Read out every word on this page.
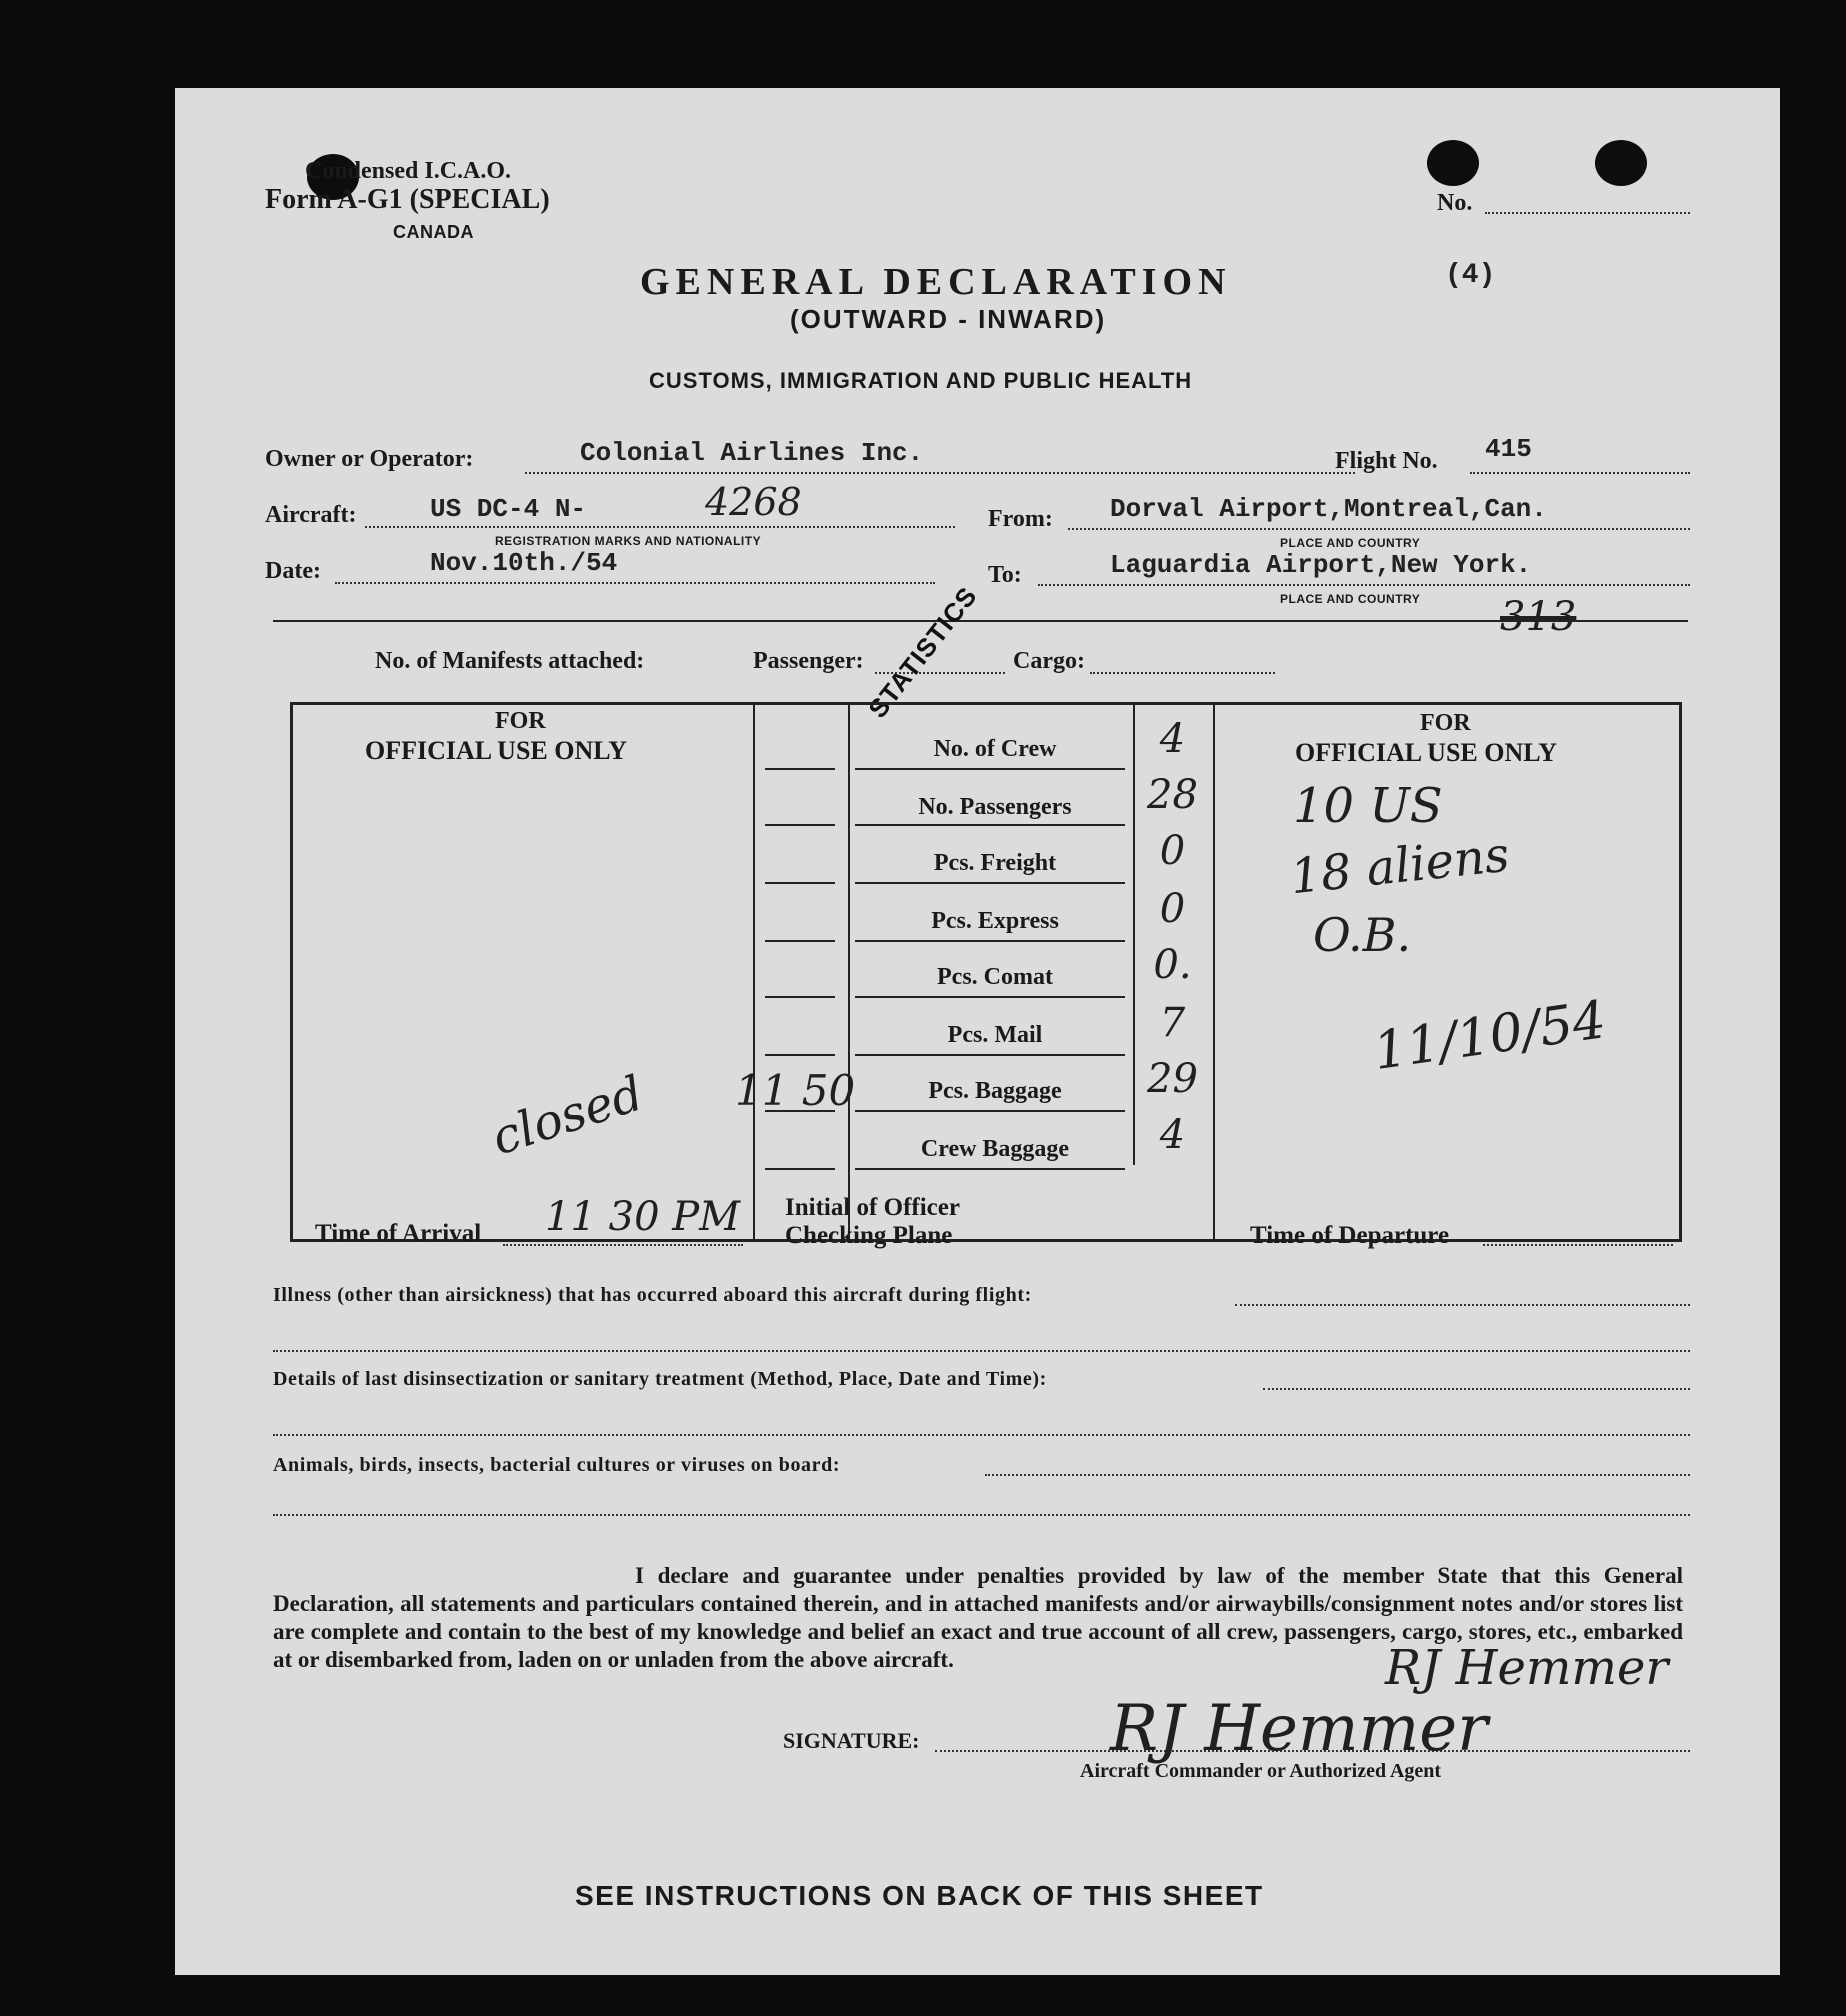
Condensed I.C.A.O.
Form A-G1 (SPECIAL)
CANADA
No.
GENERAL DECLARATION
(OUTWARD - INWARD)
(4)
CUSTOMS, IMMIGRATION AND PUBLIC HEALTH
Owner or Operator:	Colonial Airlines Inc.	Flight No. 415
Aircraft:	US DC-4 N-	4268
REGISTRATION MARKS AND NATIONALITY
From: Dorval Airport,Montreal,Can.
PLACE AND COUNTRY
Date:	Nov.10th./54	To:	Laguardia Airport,New York.
PLACE AND COUNTRY 313
No. of Manifests attached:	Passenger:	Cargo:
STATISTICS
FOR
OFFICIAL USE ONLY
FOR
OFFICIAL USE ONLY
No. of Crew	4
No. Passengers	28
Pcs. Freight	0
Pcs. Express	0
Pcs. Comat	0.
Pcs. Mail	7
Pcs. Baggage	29
Crew Baggage	4
closed 11 50
Time of Arrival 11 30 PM Initial of Officer
Checking Plane	Time of Departure
10 US
18 aliens
O.B.
11/10/54
Illness (other than airsickness) that has occurred aboard this aircraft during flight:
Details of last disinsectization or sanitary treatment (Method, Place, Date and Time):
Animals, birds, insects, bacterial cultures or viruses on board:
I declare and guarantee under penalties provided by law of the member State that this General Declaration, all statements and particulars contained therein, and in attached manifests and/or airwaybills/consignment notes and/or stores list are complete and contain to the best of my knowledge and belief an exact and true account of all crew, passengers, cargo, stores, etc., embarked at or disembarked from, laden on or unladen from the above aircraft.
SIGNATURE:	RJ Hemmer
RJ Hemmer
Aircraft Commander or Authorized Agent
SEE INSTRUCTIONS ON BACK OF THIS SHEET
